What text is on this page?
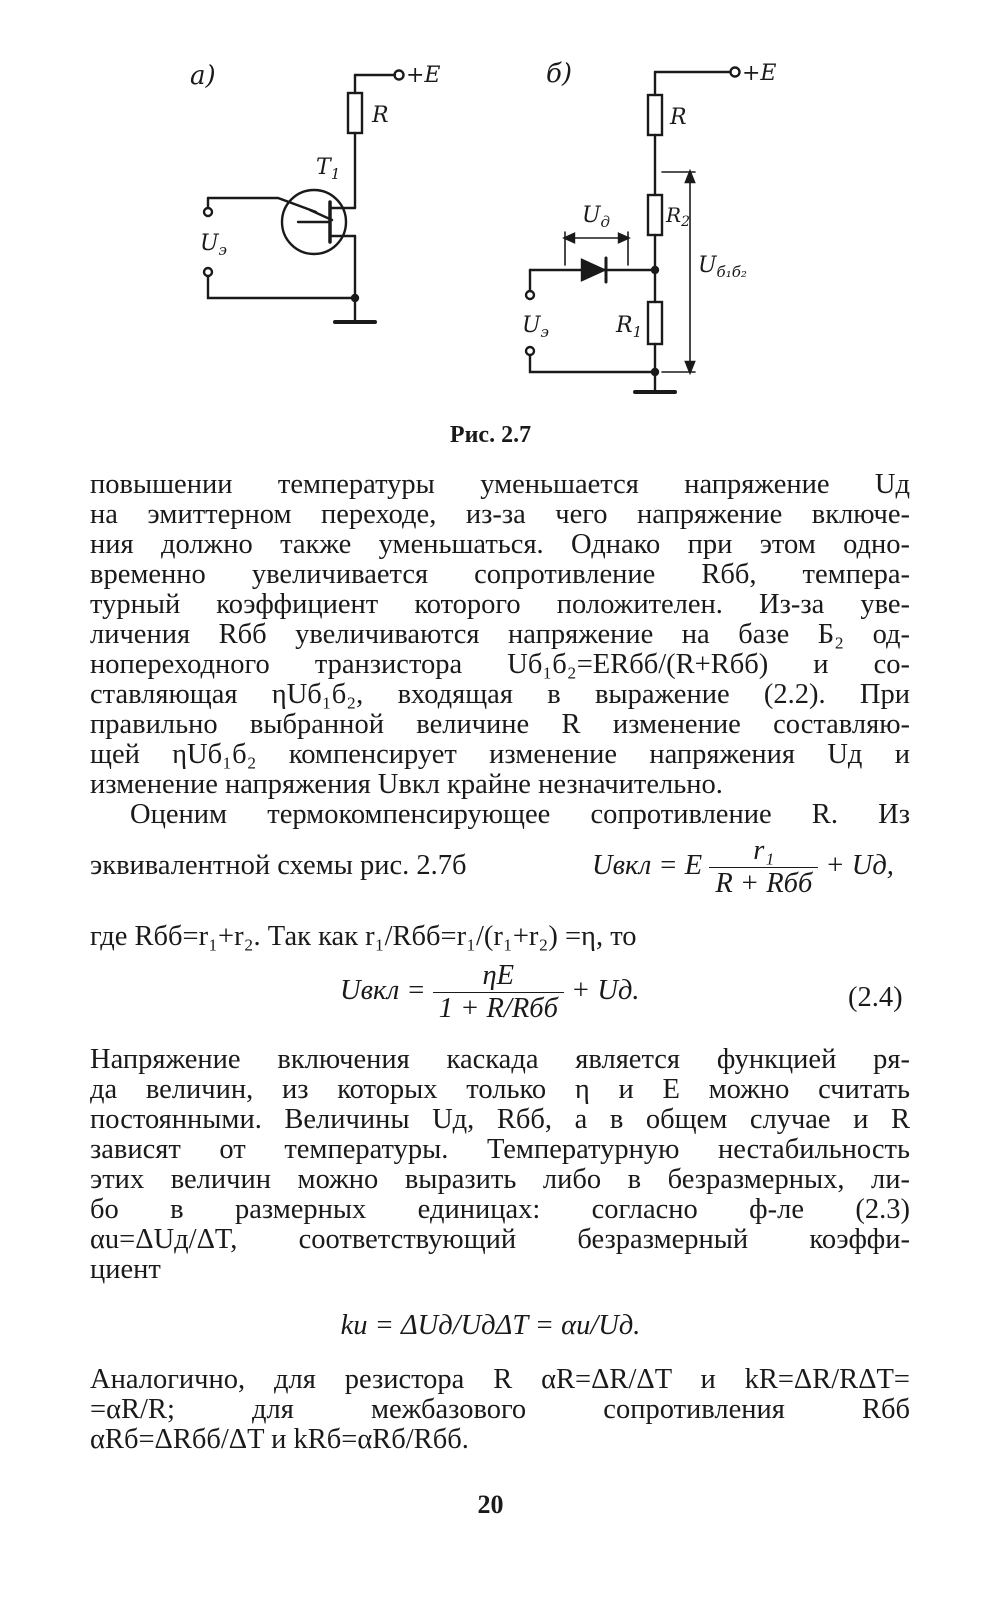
а)	+E
R
$T_1$
$U_э$
б)	+E
R
$R_2$
$R_1$
$U_д$
$U_{б_1б_2}$
$U_э$
Рис. 2.7

повышении температуры уменьшается напряжение Uд

на эмиттерном переходе, из-за чего напряжение включе-

ния должно также уменьшаться. Однако при этом одно-

временно увеличивается сопротивление Rбб, темпера-

турный коэффициент которого положителен. Из-за уве-

личения Rбб увеличиваются напряжение на базе Б₂ од-

нопереходного транзистора Uб₁б₂=ERбб/(R+Rбб) и со-

ставляющая ηUб₁б₂, входящая в выражение (2.2). При

правильно выбранной величине R изменение составляю-

щей ηUб₁б₂ компенсирует изменение напряжения Uд и

изменение напряжения Uвкл крайне незначительно.

Оценим термокомпенсирующее сопротивление R. Из

эквивалентной схемы рис. 2.7б	Uвкл = E $\frac{\text{r₁}}{\text{R + Rбб}}$ + Uд,

где Rбб=r₁+r₂. Так как r₁/Rбб=r₁/(r₁+r₂) =η, то

Uвкл = $\frac{\eta E}{\text{1 + R/Rбб}}$ + Uд.	(2.4)

Напряжение включения каскада является функцией ря-

да величин, из которых только η и E можно считать

постоянными. Величины Uд, Rбб, а в общем случае и R

зависят от температуры. Температурную нестабильность

этих величин можно выразить либо в безразмерных, ли-

бо в размерных единицах: согласно ф-ле (2.3)

αu=ΔUд/ΔT, соответствующий безразмерный коэффи-

циент

ku = ΔUд/UдΔT = αu/Uд.

Аналогично, для резистора R αR=ΔR/ΔT и kR=ΔR/RΔT=

=αR/R; для межбазового сопротивления Rбб

αRб=ΔRбб/ΔT и kRб=αRб/Rбб.

20
